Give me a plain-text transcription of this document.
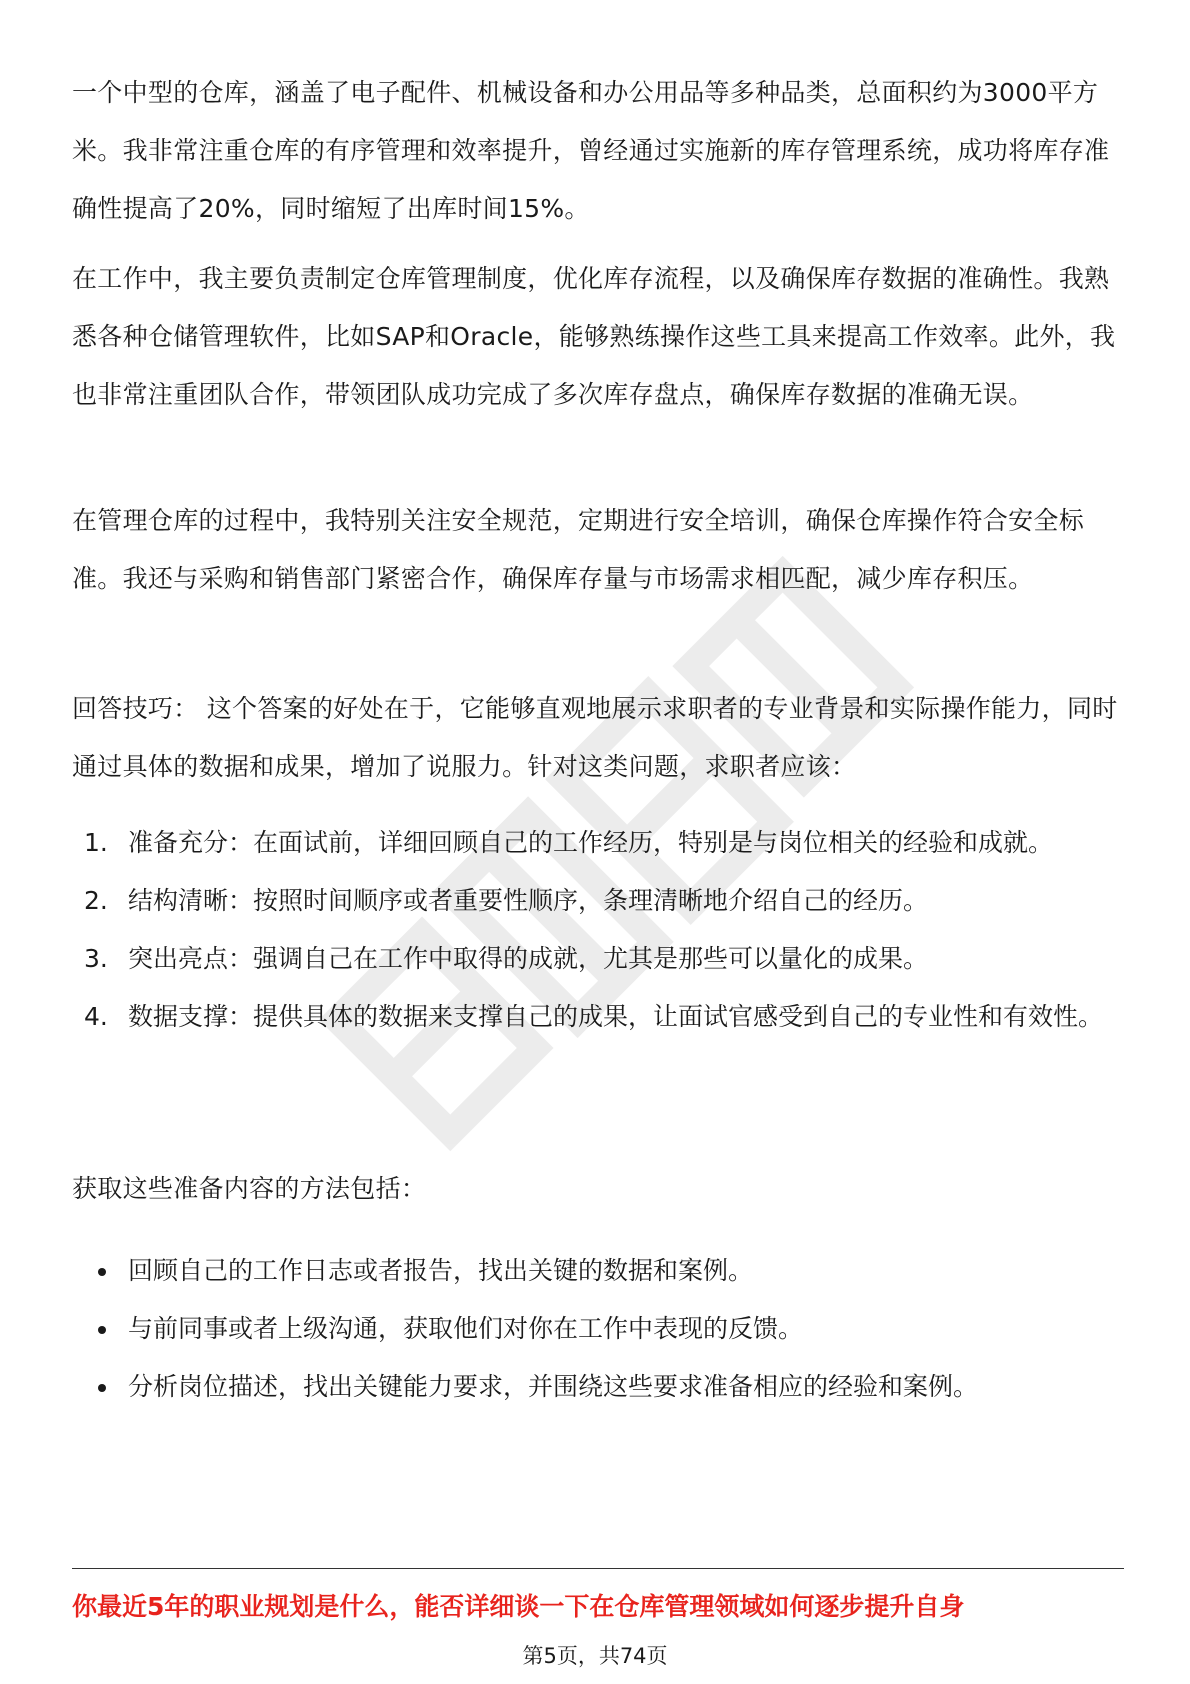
一个中型的仓库，涵盖了电子配件、机械设备和办公用品等多种品类，总面积约为3000平方米。我非常注重仓库的有序管理和效率提升，曾经通过实施新的库存管理系统，成功将库存准确性提高了20%，同时缩短了出库时间15%。

在工作中，我主要负责制定仓库管理制度，优化库存流程，以及确保库存数据的准确性。我熟悉各种仓储管理软件，比如SAP和Oracle，能够熟练操作这些工具来提高工作效率。此外，我也非常注重团队合作，带领团队成功完成了多次库存盘点，确保库存数据的准确无误。

在管理仓库的过程中，我特别关注安全规范，定期进行安全培训，确保仓库操作符合安全标准。我还与采购和销售部门紧密合作，确保库存量与市场需求相匹配，减少库存积压。

回答技巧： 这个答案的好处在于，它能够直观地展示求职者的专业背景和实际操作能力，同时通过具体的数据和成果，增加了说服力。针对这类问题，求职者应该：

1. 准备充分：在面试前，详细回顾自己的工作经历，特别是与岗位相关的经验和成就。
2. 结构清晰：按照时间顺序或者重要性顺序，条理清晰地介绍自己的经历。
3. 突出亮点：强调自己在工作中取得的成就，尤其是那些可以量化的成果。
4. 数据支撑：提供具体的数据来支撑自己的成果，让面试官感受到自己的专业性和有效性。

获取这些准备内容的方法包括：

回顾自己的工作日志或者报告，找出关键的数据和案例。
与前同事或者上级沟通，获取他们对你在工作中表现的反馈。
分析岗位描述，找出关键能力要求，并围绕这些要求准备相应的经验和案例。

你最近5年的职业规划是什么，能否详细谈一下在仓库管理领域如何逐步提升自身

第5页，共74页
